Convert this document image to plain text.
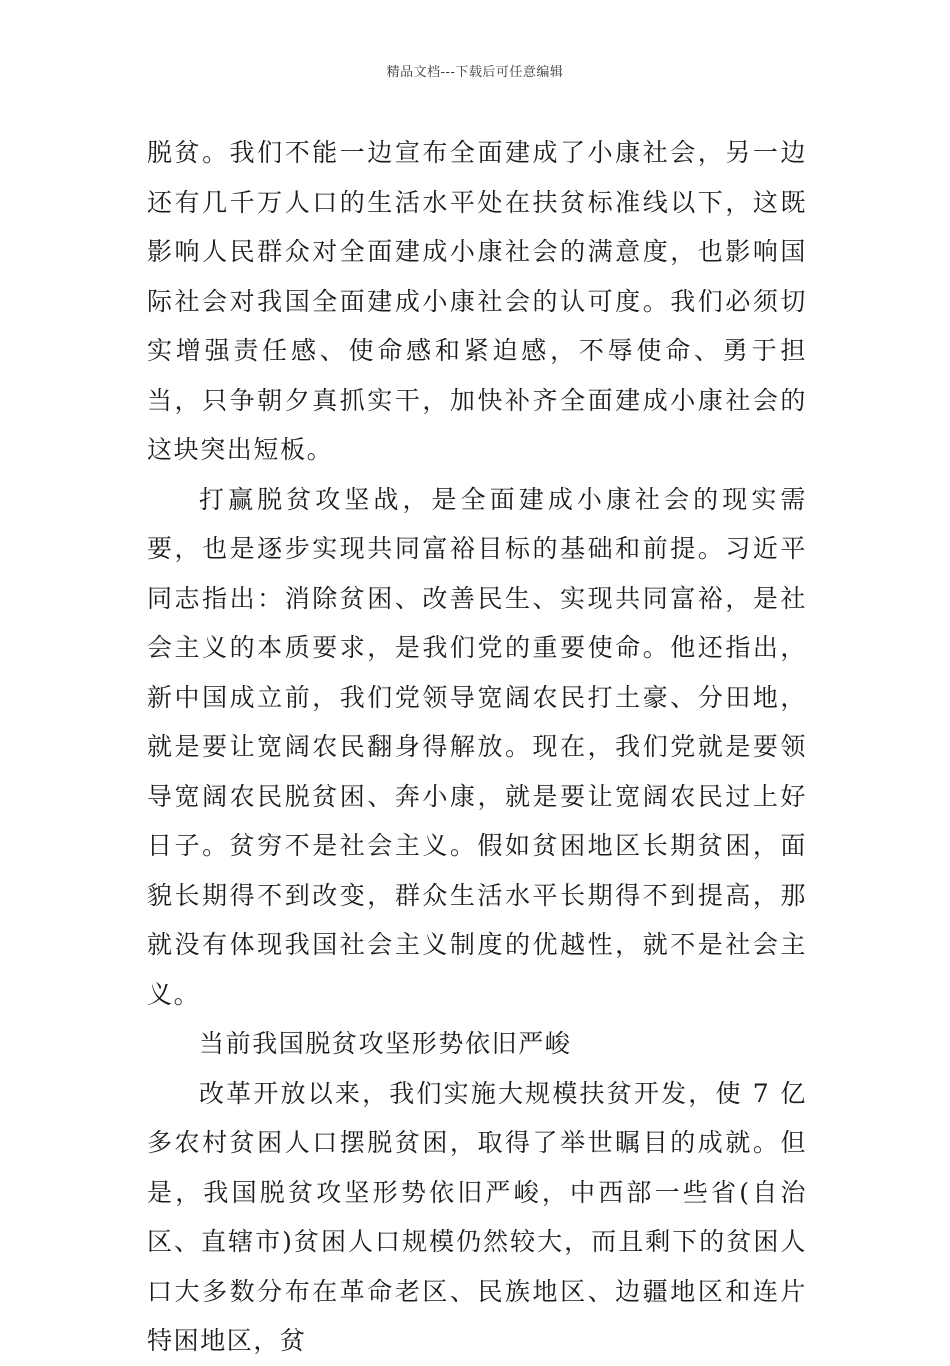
精品文档---下载后可任意编辑

脱贫。我们不能一边宣布全面建成了小康社会，另一边还有几千万人口的生活水平处在扶贫标准线以下，这既影响人民群众对全面建成小康社会的满意度，也影响国际社会对我国全面建成小康社会的认可度。我们必须切实增强责任感、使命感和紧迫感，不辱使命、勇于担当，只争朝夕真抓实干，加快补齐全面建成小康社会的这块突出短板。

打赢脱贫攻坚战，是全面建成小康社会的现实需要，也是逐步实现共同富裕目标的基础和前提。习近平同志指出：消除贫困、改善民生、实现共同富裕，是社会主义的本质要求，是我们党的重要使命。他还指出，新中国成立前，我们党领导宽阔农民打土豪、分田地，就是要让宽阔农民翻身得解放。现在，我们党就是要领导宽阔农民脱贫困、奔小康，就是要让宽阔农民过上好日子。贫穷不是社会主义。假如贫困地区长期贫困，面貌长期得不到改变，群众生活水平长期得不到提高，那就没有体现我国社会主义制度的优越性，就不是社会主义。

当前我国脱贫攻坚形势依旧严峻

改革开放以来，我们实施大规模扶贫开发，使 7 亿多农村贫困人口摆脱贫困，取得了举世瞩目的成就。但是，我国脱贫攻坚形势依旧严峻，中西部一些省(自治区、直辖市)贫困人口规模仍然较大，而且剩下的贫困人口大多数分布在革命老区、民族地区、边疆地区和连片特困地区，贫
